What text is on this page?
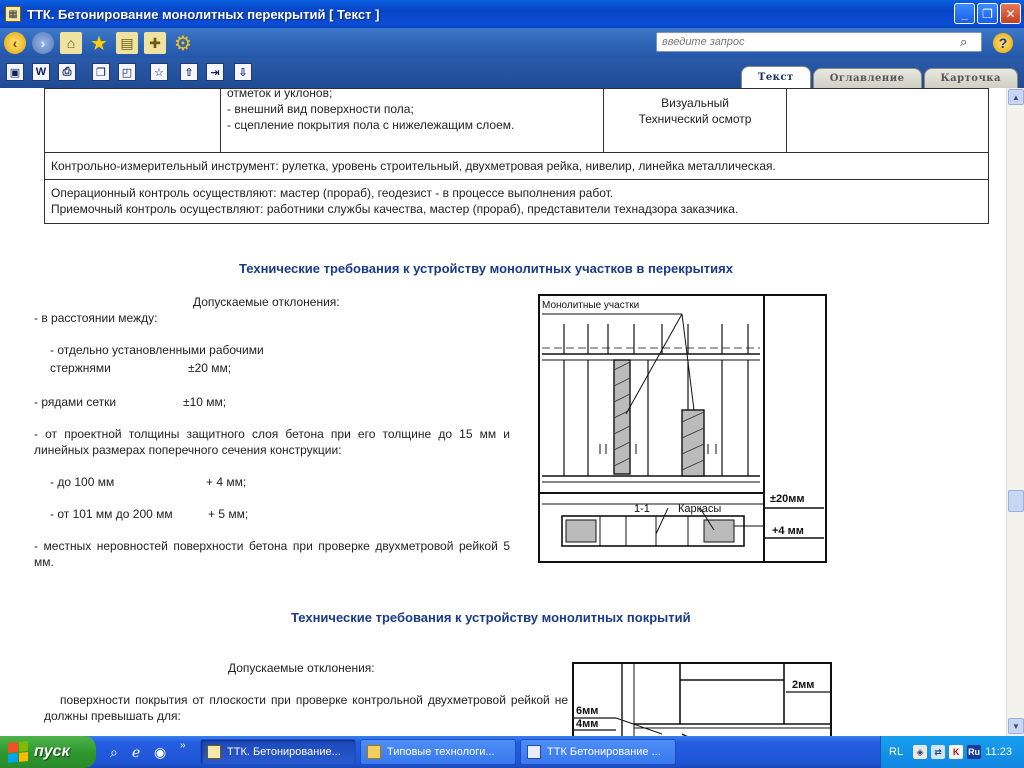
▦ ТТК. Бетонирование монолитных перекрытий [ Текст ]	_	❐	✕
‹	›	⌂ ★ ▤	✚ ⚙
введите запрос	⌕	?
▣	W	⎙	❐	◰	☆	⇧	⇥	⇩	Текст	Оглавление	Карточка

отметок и уклонов;
- внешний вид поверхности пола;
- сцепление покрытия пола с нижележащим слоем.

Визуальный
Технический осмотр

Контрольно-измерительный инструмент: рулетка, уровень строительный, двухметровая рейка, нивелир, линейка металлическая.

Операционный контроль осуществляют: мастер (прораб), геодезист - в процессе выполнения работ.
Приемочный контроль осуществляют: работники службы качества, мастер (прораб), представители технадзора заказчика.
Технические требования к устройству монолитных участков в перекрытиях
Допускаемые отклонения:
- в расстоянии между:
- отдельно установленными рабочими
стержнями	±20 мм;
- рядами сетки	±10 мм;
- от проектной толщины защитного слоя бетона при его толщине до 15 мм и линейных размерах поперечного сечения конструкции:
- до 100 мм	+ 4 мм;
- от 101 мм до 200 мм	+ 5 мм;
- местных неровностей поверхности бетона при проверке двухметровой рейкой 5 мм.
Монолитные участки
1-1	Каркасы
±20мм
+4 мм
Технические требования к устройству монолитных покрытий
Допускаемые отклонения:
поверхности покрытия от плоскости при проверке контрольной двухметровой рейкой не должны превышать для:
2мм
6мм
4мм
▲
▼
пуск	⌕ ℯ ◉ »
ТТК. Бетонирование...	Типовые технологи...	ТТК Бетонирование ...	RL	◈	⇄	K Ru 11:23
